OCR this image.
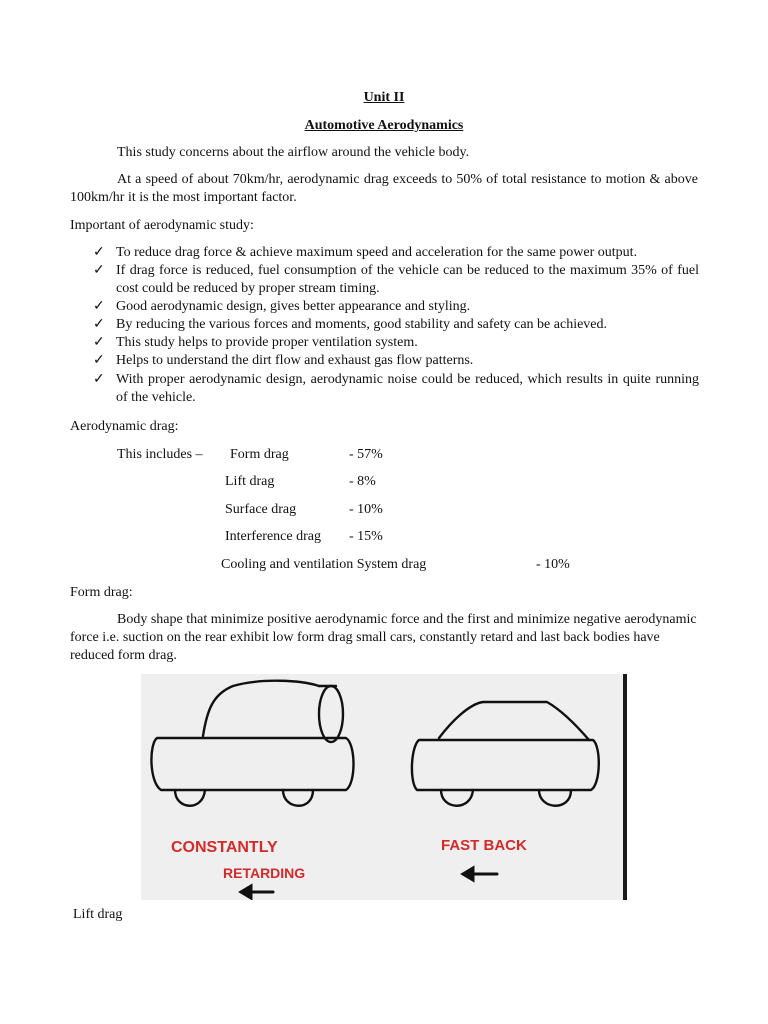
Unit II
Automotive Aerodynamics
This study concerns about the airflow around the vehicle body.
At a speed of about 70km/hr, aerodynamic drag exceeds to 50% of total resistance to motion & above 100km/hr it is the most important factor.
Important of aerodynamic study:
✓ To reduce drag force & achieve maximum speed and acceleration for the same power output.
✓ If drag force is reduced, fuel consumption of the vehicle can be reduced to the maximum 35% of fuel cost could be reduced by proper stream timing.
✓ Good aerodynamic design, gives better appearance and styling.
✓ By reducing the various forces and moments, good stability and safety can be achieved.
✓ This study helps to provide proper ventilation system.
✓ Helps to understand the dirt flow and exhaust gas flow patterns.
✓ With proper aerodynamic design, aerodynamic noise could be reduced, which results in quite running of the vehicle.
Aerodynamic drag:
This includes – Form drag	- 57%
Lift drag	- 8%
Surface drag	- 10%
Interference drag - 15%
Cooling and ventilation System drag	- 10%
Form drag:
Body shape that minimize positive aerodynamic force and the first and minimize negative aerodynamic force i.e. suction on the rear exhibit low form drag small cars, constantly retard and last back bodies have reduced form drag.
CONSTANTLY
RETARDING
FAST BACK
Lift drag
